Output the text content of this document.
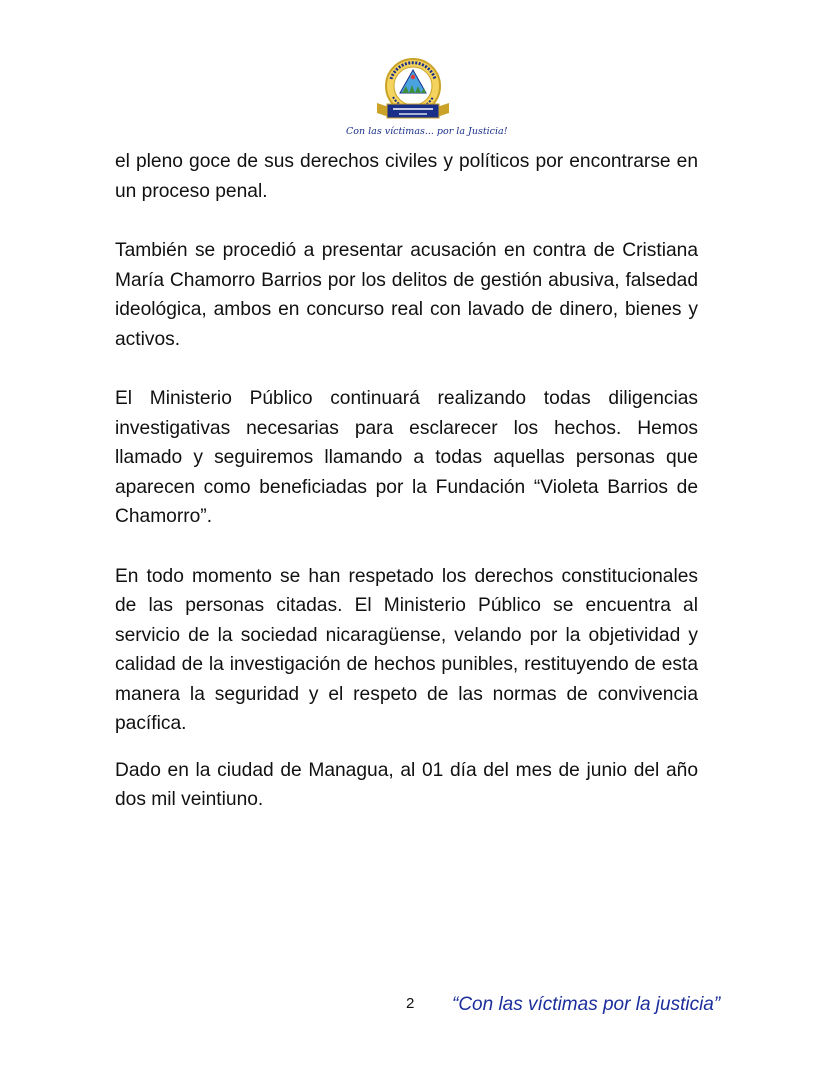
Con las víctimas... por la Justicia!

el pleno goce de sus derechos civiles y políticos por encontrarse en un proceso penal.

También se procedió a presentar acusación en contra de Cristiana María Chamorro Barrios por los delitos de gestión abusiva, falsedad ideológica, ambos en concurso real con lavado de dinero, bienes y activos.

El Ministerio Público continuará realizando todas diligencias investigativas necesarias para esclarecer los hechos. Hemos llamado y seguiremos llamando a todas aquellas personas que aparecen como beneficiadas por la Fundación “Violeta Barrios de Chamorro”.

En todo momento se han respetado los derechos constitucionales de las personas citadas. El Ministerio Público se encuentra al servicio de la sociedad nicaragüense, velando por la objetividad y calidad de la investigación de hechos punibles, restituyendo de esta manera la seguridad y el respeto de las normas de convivencia pacífica.

Dado en la ciudad de Managua, al 01 día del mes de junio del año dos mil veintiuno.

2 “Con las víctimas por la justicia”
